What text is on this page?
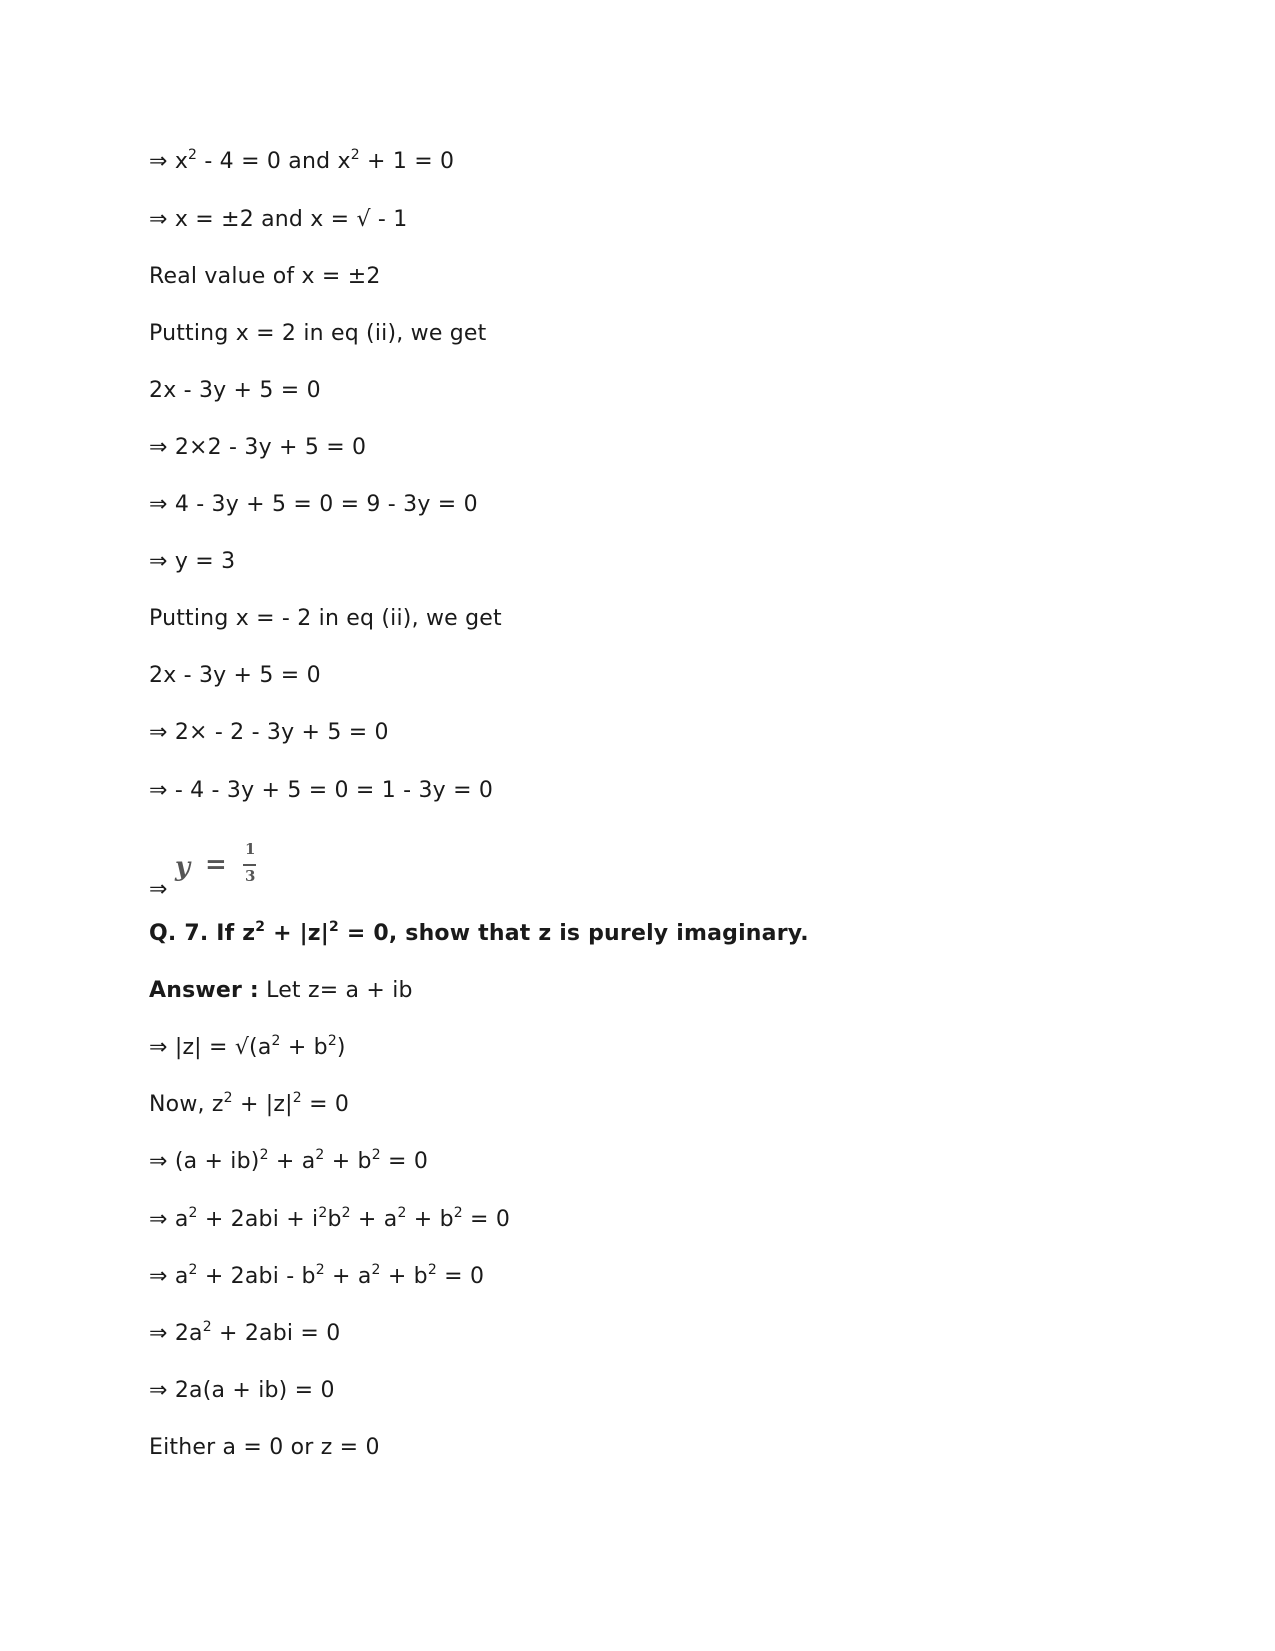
⇒ $x^2 - 4 = 0$ and $x^2 + 1 = 0$
⇒ x = ±2 and x = √ - 1
Real value of x = ±2
Putting x = 2 in eq (ii), we get
2x - 3y + 5 = 0
⇒ 2×2 - 3y + 5 = 0
⇒ 4 - 3y + 5 = 0 = 9 - 3y = 0
⇒ y = 3
Putting x = - 2 in eq (ii), we get
2x - 3y + 5 = 0
⇒ 2× - 2 - 3y + 5 = 0
⇒ - 4 - 3y + 5 = 0 = 1 - 3y = 0
⇒
y =
1
3
Q. 7. If $z^2 + |z|^2 = 0$, show that z is purely imaginary.
Answer : Let z= a + ib
⇒ $|z| = √(a^2 + b^2)$
Now, $z^2 + |z|^2 = 0$
⇒ $(a + ib)^2 + a^2 + b^2 = 0$
⇒ $a^2 + 2abi + i^2b^2 + a^2 + b^2 = 0$
⇒ $a^2 + 2abi - b^2 + a^2 + b^2 = 0$
⇒ $2a^2 + 2abi = 0$
⇒ 2a(a + ib) = 0
Either a = 0 or z = 0
